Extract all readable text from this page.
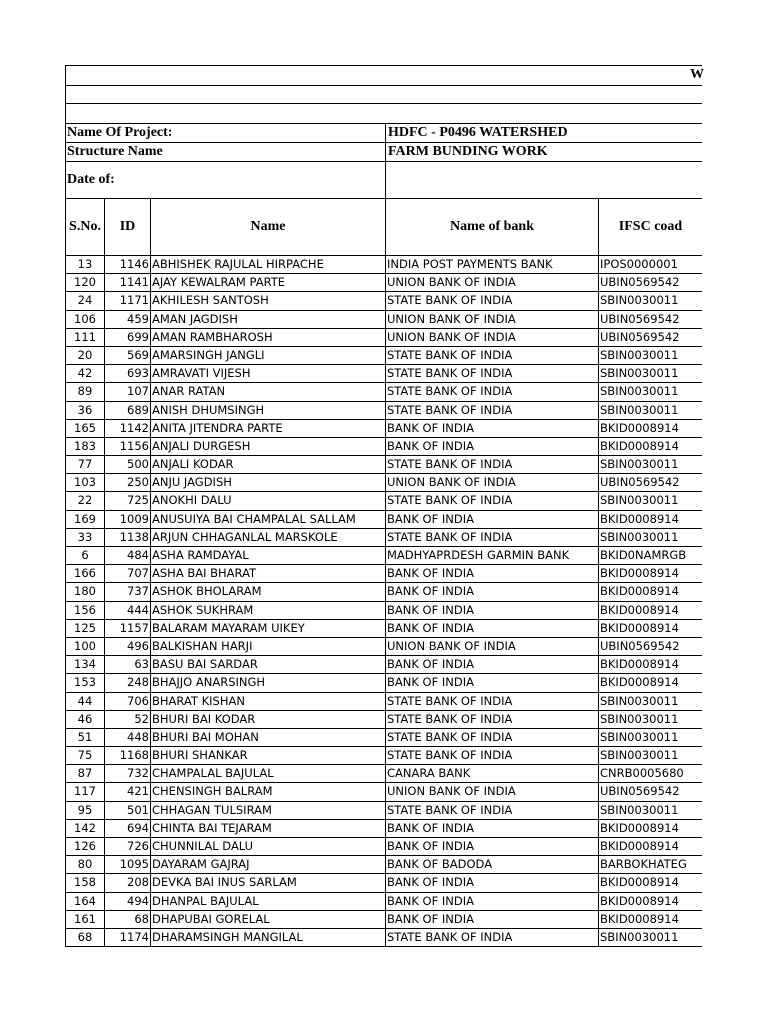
W
Name Of Project:	HDFC - P0496 WATERSHED
Structure Name	FARM BUNDING WORK
Date of:
S.No.	ID	Name	Name of bank	IFSC coad
13	1146 ABHISHEK RAJULAL HIRPACHE	INDIA POST PAYMENTS BANK	IPOS0000001
120	1141 AJAY KEWALRAM PARTE	UNION BANK OF INDIA	UBIN0569542
24	1171 AKHILESH SANTOSH	STATE BANK OF INDIA	SBIN0030011
106	459 AMAN JAGDISH	UNION BANK OF INDIA	UBIN0569542
111	699 AMAN RAMBHAROSH	UNION BANK OF INDIA	UBIN0569542
20	569 AMARSINGH JANGLI	STATE BANK OF INDIA	SBIN0030011
42	693 AMRAVATI VIJESH	STATE BANK OF INDIA	SBIN0030011
89	107 ANAR RATAN	STATE BANK OF INDIA	SBIN0030011
36	689 ANISH DHUMSINGH	STATE BANK OF INDIA	SBIN0030011
165	1142 ANITA JITENDRA PARTE	BANK OF INDIA	BKID0008914
183	1156 ANJALI DURGESH	BANK OF INDIA	BKID0008914
77	500 ANJALI KODAR	STATE BANK OF INDIA	SBIN0030011
103	250 ANJU JAGDISH	UNION BANK OF INDIA	UBIN0569542
22	725 ANOKHI DALU	STATE BANK OF INDIA	SBIN0030011
169	1009 ANUSUIYA BAI CHAMPALAL SALLAM	BANK OF INDIA	BKID0008914
33	1138 ARJUN CHHAGANLAL MARSKOLE	STATE BANK OF INDIA	SBIN0030011
6	484 ASHA RAMDAYAL	MADHYAPRDESH GARMIN BANK	BKID0NAMRGB
166	707 ASHA BAI BHARAT	BANK OF INDIA	BKID0008914
180	737 ASHOK BHOLARAM	BANK OF INDIA	BKID0008914
156	444 ASHOK SUKHRAM	BANK OF INDIA	BKID0008914
125	1157 BALARAM MAYARAM UIKEY	BANK OF INDIA	BKID0008914
100	496 BALKISHAN HARJI	UNION BANK OF INDIA	UBIN0569542
134	63 BASU BAI SARDAR	BANK OF INDIA	BKID0008914
153	248 BHAJJO ANARSINGH	BANK OF INDIA	BKID0008914
44	706 BHARAT KISHAN	STATE BANK OF INDIA	SBIN0030011
46	52 BHURI BAI KODAR	STATE BANK OF INDIA	SBIN0030011
51	448 BHURI BAI MOHAN	STATE BANK OF INDIA	SBIN0030011
75	1168 BHURI SHANKAR	STATE BANK OF INDIA	SBIN0030011
87	732 CHAMPALAL BAJULAL	CANARA BANK	CNRB0005680
117	421 CHENSINGH BALRAM	UNION BANK OF INDIA	UBIN0569542
95	501 CHHAGAN TULSIRAM	STATE BANK OF INDIA	SBIN0030011
142	694 CHINTA BAI TEJARAM	BANK OF INDIA	BKID0008914
126	726 CHUNNILAL DALU	BANK OF INDIA	BKID0008914
80	1095 DAYARAM GAJRAJ	BANK OF BADODA	BARBOKHATEG
158	208 DEVKA BAI INUS SARLAM	BANK OF INDIA	BKID0008914
164	494 DHANPAL BAJULAL	BANK OF INDIA	BKID0008914
161	68 DHAPUBAI GORELAL	BANK OF INDIA	BKID0008914
68	1174 DHARAMSINGH MANGILAL	STATE BANK OF INDIA	SBIN0030011
